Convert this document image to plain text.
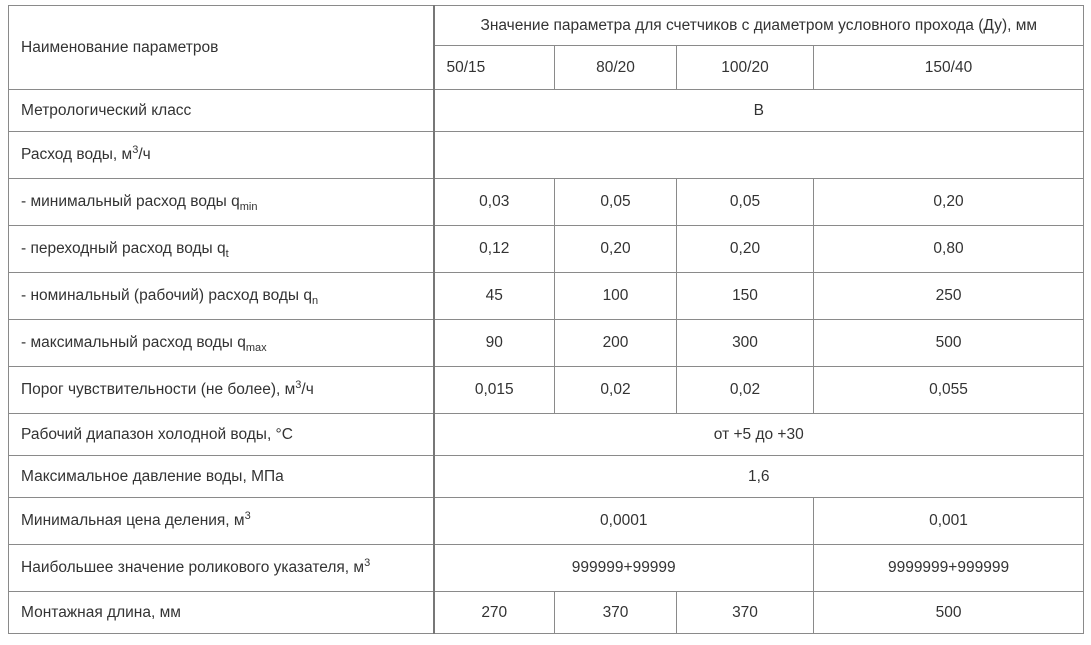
Наименование параметров	Значение параметра для счетчиков с диаметром условного прохода (Ду), мм			
	50/15	80/20	100/20	150/40
Метрологический класс	B			
Расход воды, $м^3/ч$				
- минимальный расход воды $q_{min}$	0,03	0,05	0,05	0,20
- переходный расход воды $q_t$	0,12	0,20	0,20	0,80
- номинальный (рабочий) расход воды $q_n$	45	100	150	250
- максимальный расход воды $q_{max}$	90	200	300	500
Порог чувствительности (не более), $м^3/ч$	0,015	0,02	0,02	0,055
Рабочий диапазон холодной воды, °С	от +5 до +30			
Максимальное давление воды, МПа	1,6			
Минимальная цена деления, $м^3$	0,0001			0,001
Наибольшее значение роликового указателя, $м^3$	999999+99999			9999999+999999
Монтажная длина, мм	270	370	370	500
